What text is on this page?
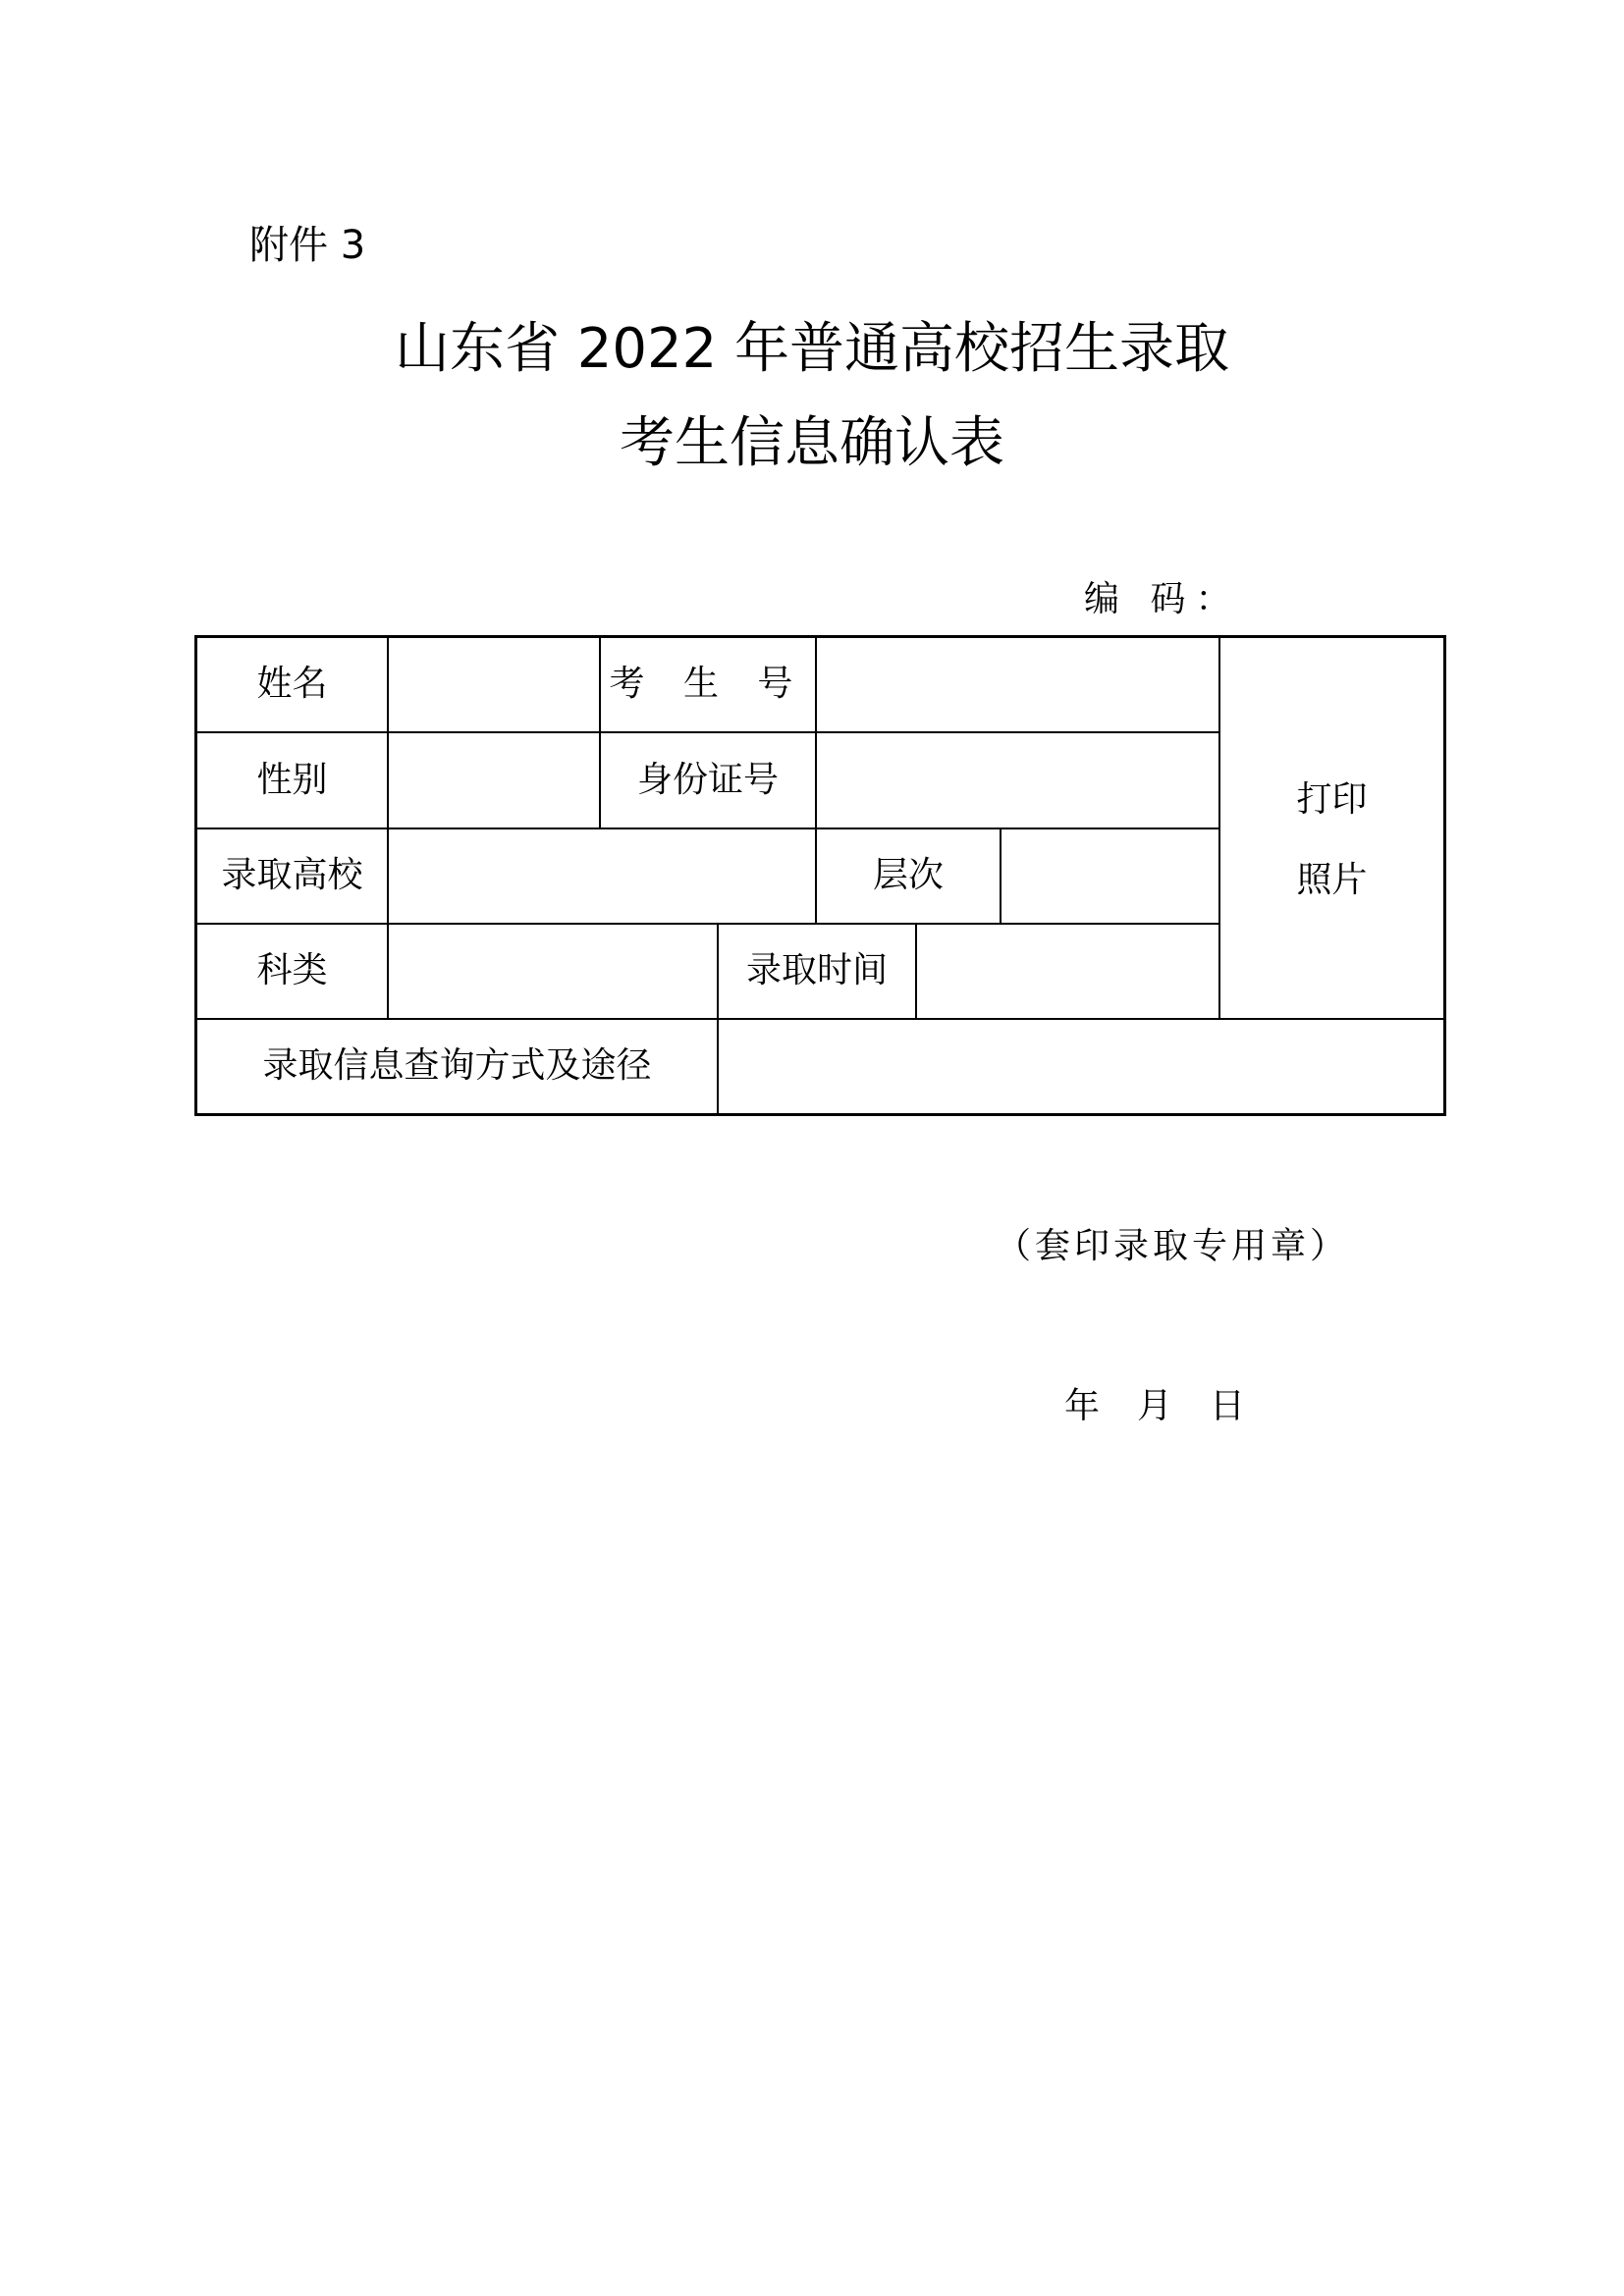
附件 3
山东省 2022 年普通高校招生录取
考生信息确认表
编 码：
姓名	考 生 号
性别	身份证号
录取高校	层次
科类	录取时间
打印
照片
录取信息查询方式及途径
（套印录取专用章）
年 月 日
